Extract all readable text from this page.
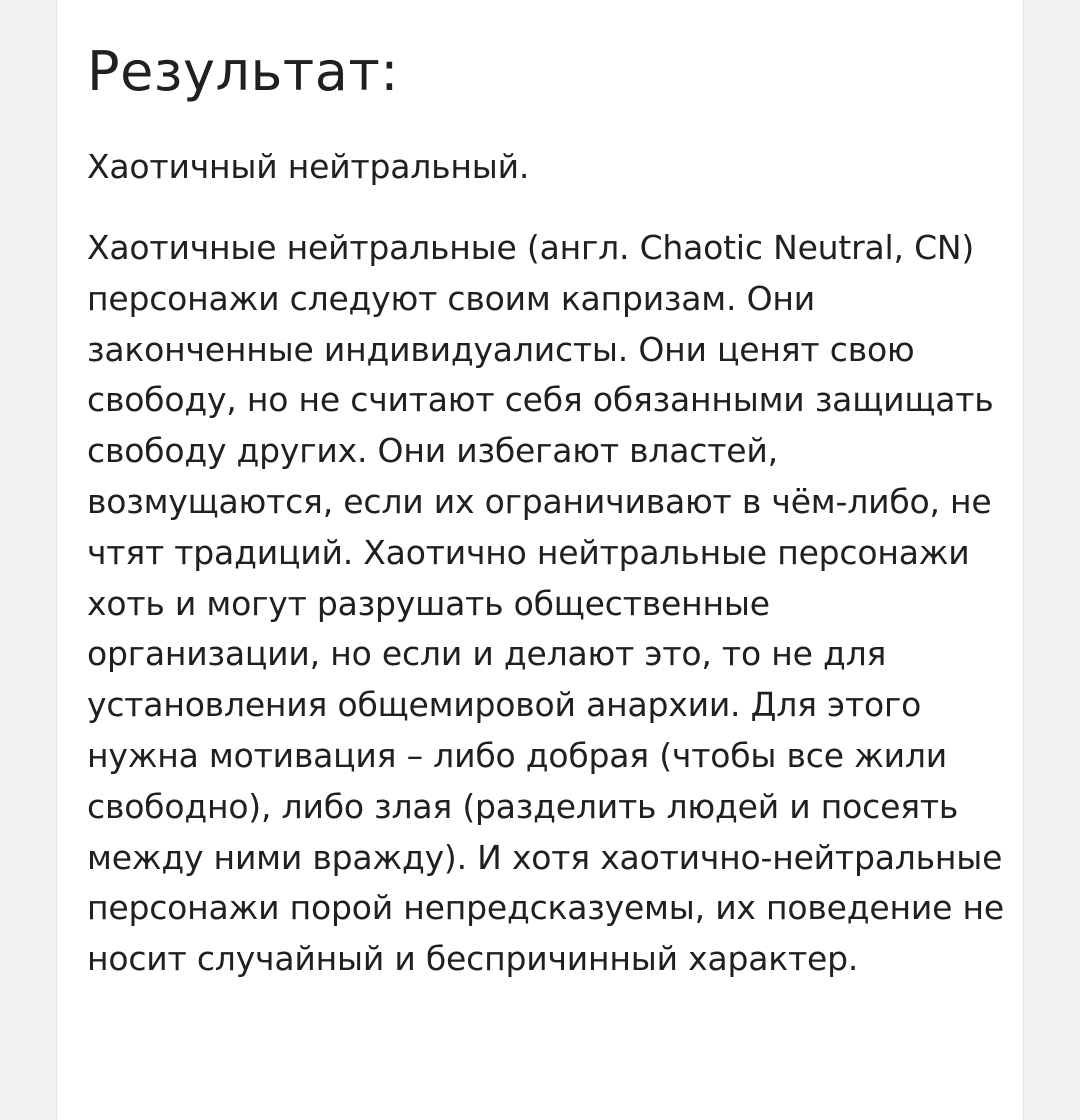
Результат:

Хаотичный нейтральный.

Хаотичные нейтральные (англ. Chaotic Neutral, CN) персонажи следуют своим капризам. Они законченные индивидуалисты. Они ценят свою свободу, но не считают себя обязанными защищать свободу других. Они избегают властей, возмущаются, если их ограничивают в чём-либо, не чтят традиций. Хаотично нейтральные персонажи хоть и могут разрушать общественные организации, но если и делают это, то не для установления общемировой анархии. Для этого нужна мотивация – либо добрая (чтобы все жили свободно), либо злая (разделить людей и посеять между ними вражду). И хотя хаотично-нейтральные персонажи порой непредсказуемы, их поведение не носит случайный и беспричинный характер.
